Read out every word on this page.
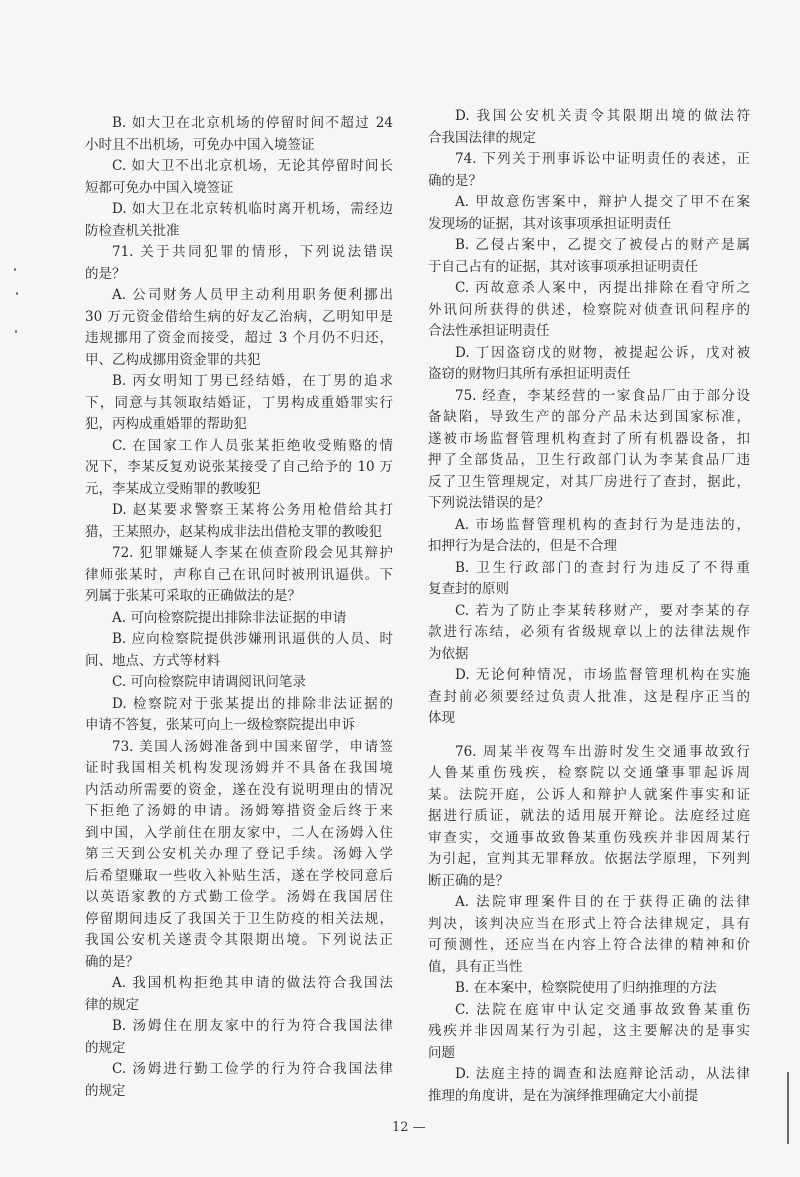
B. 如大卫在北京机场的停留时间不超过 24
小时且不出机场，可免办中国入境签证
C. 如大卫不出北京机场，无论其停留时间长
短都可免办中国入境签证
D. 如大卫在北京转机临时离开机场，需经边
防检查机关批准
71. 关于共同犯罪的情形，下列说法错误
的是？
A. 公司财务人员甲主动利用职务便利挪出
30 万元资金借给生病的好友乙治病，乙明知甲是
违规挪用了资金而接受，超过 3 个月仍不归还，
甲、乙构成挪用资金罪的共犯
B. 丙女明知丁男已经结婚，在丁男的追求
下，同意与其领取结婚证，丁男构成重婚罪实行
犯，丙构成重婚罪的帮助犯
C. 在国家工作人员张某拒绝收受贿赂的情
况下，李某反复劝说张某接受了自己给予的 10 万
元，李某成立受贿罪的教唆犯
D. 赵某要求警察王某将公务用枪借给其打
猎，王某照办，赵某构成非法出借枪支罪的教唆犯
72. 犯罪嫌疑人李某在侦查阶段会见其辩护
律师张某时，声称自己在讯问时被刑讯逼供。下
列属于张某可采取的正确做法的是？
A. 可向检察院提出排除非法证据的申请
B. 应向检察院提供涉嫌刑讯逼供的人员、时
间、地点、方式等材料
C. 可向检察院申请调阅讯问笔录
D. 检察院对于张某提出的排除非法证据的
申请不答复，张某可向上一级检察院提出申诉
73. 美国人汤姆准备到中国来留学，申请签
证时我国相关机构发现汤姆并不具备在我国境
内活动所需要的资金，遂在没有说明理由的情况
下拒绝了汤姆的申请。汤姆筹措资金后终于来
到中国，入学前住在朋友家中，二人在汤姆入住
第三天到公安机关办理了登记手续。汤姆入学
后希望赚取一些收入补贴生活，遂在学校同意后
以英语家教的方式勤工俭学。汤姆在我国居住
停留期间违反了我国关于卫生防疫的相关法规，
我国公安机关遂责令其限期出境。下列说法正
确的是？
A. 我国机构拒绝其申请的做法符合我国法
律的规定
B. 汤姆住在朋友家中的行为符合我国法律
的规定
C. 汤姆进行勤工俭学的行为符合我国法律
的规定
D. 我国公安机关责令其限期出境的做法符
合我国法律的规定
74. 下列关于刑事诉讼中证明责任的表述，正
确的是？
A. 甲故意伤害案中，辩护人提交了甲不在案
发现场的证据，其对该事项承担证明责任
B. 乙侵占案中，乙提交了被侵占的财产是属
于自己占有的证据，其对该事项承担证明责任
C. 丙故意杀人案中，丙提出排除在看守所之
外讯问所获得的供述，检察院对侦查讯问程序的
合法性承担证明责任
D. 丁因盗窃戊的财物，被提起公诉，戊对被
盗窃的财物归其所有承担证明责任
75. 经查，李某经营的一家食品厂由于部分设
备缺陷，导致生产的部分产品未达到国家标准，
遂被市场监督管理机构查封了所有机器设备，扣
押了全部货品，卫生行政部门认为李某食品厂违
反了卫生管理规定，对其厂房进行了查封，据此，
下列说法错误的是？
A. 市场监督管理机构的查封行为是违法的，
扣押行为是合法的，但是不合理
B. 卫生行政部门的查封行为违反了不得重
复查封的原则
C. 若为了防止李某转移财产，要对李某的存
款进行冻结，必须有省级规章以上的法律法规作
为依据
D. 无论何种情况，市场监督管理机构在实施
查封前必须要经过负责人批准，这是程序正当的
体现
76. 周某半夜驾车出游时发生交通事故致行
人鲁某重伤残疾，检察院以交通肇事罪起诉周
某。法院开庭，公诉人和辩护人就案件事实和证
据进行质证，就法的适用展开辩论。法庭经过庭
审查实，交通事故致鲁某重伤残疾并非因周某行
为引起，宣判其无罪释放。依据法学原理，下列判
断正确的是？
A. 法院审理案件目的在于获得正确的法律
判决，该判决应当在形式上符合法律规定，具有
可预测性，还应当在内容上符合法律的精神和价
值，具有正当性
B. 在本案中，检察院使用了归纳推理的方法
C. 法院在庭审中认定交通事故致鲁某重伤
残疾并非因周某行为引起，这主要解决的是事实
问题
D. 法庭主持的调查和法庭辩论活动，从法律
推理的角度讲，是在为演绎推理确定大小前提
12 —
